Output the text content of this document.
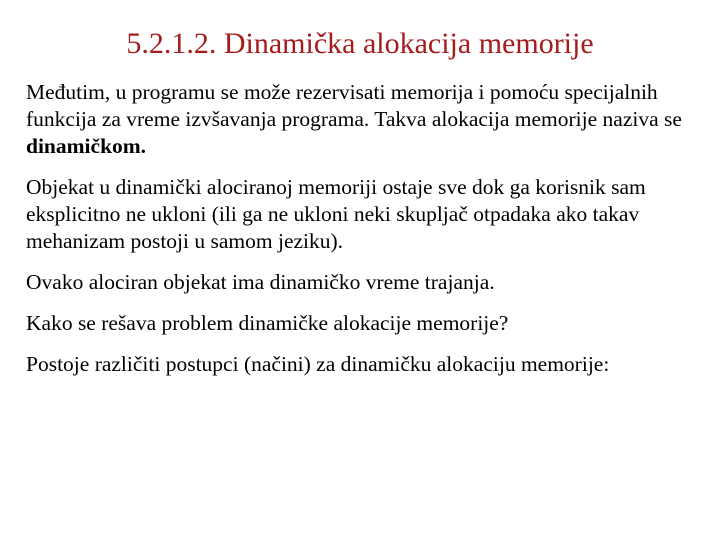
5.2.1.2. Dinamička alokacija memorije

Međutim, u programu se može rezervisati memorija i pomoću specijalnih funkcija za vreme izvšavanja programa. Takva alokacija memorije naziva se dinamičkom.

Objekat u dinamički alociranoj memoriji ostaje sve dok ga korisnik sam eksplicitno ne ukloni (ili ga ne ukloni neki skupljač otpadaka ako takav mehanizam postoji u samom jeziku).

Ovako alociran objekat ima dinamičko vreme trajanja.

Kako se rešava problem dinamičke alokacije memorije?

Postoje različiti postupci (načini) za dinamičku alokaciju memorije:
